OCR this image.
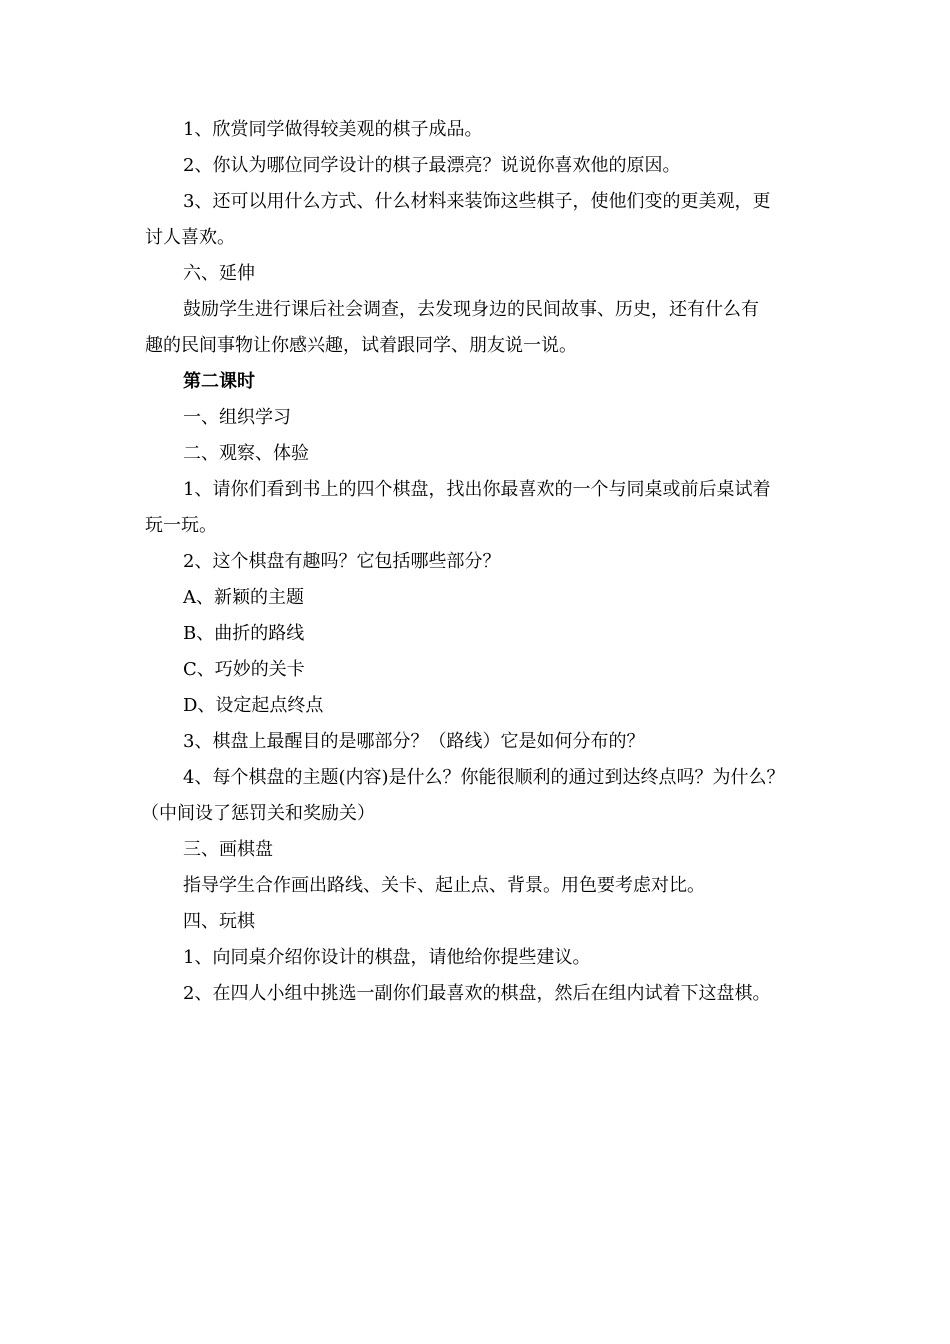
1、欣赏同学做得较美观的棋子成品。

2、你认为哪位同学设计的棋子最漂亮？说说你喜欢他的原因。

3、还可以用什么方式、什么材料来装饰这些棋子，使他们变的更美观，更

讨人喜欢。

六、延伸

鼓励学生进行课后社会调查，去发现身边的民间故事、历史，还有什么有

趣的民间事物让你感兴趣，试着跟同学、朋友说一说。

第二课时

一、组织学习

二、观察、体验

1、请你们看到书上的四个棋盘，找出你最喜欢的一个与同桌或前后桌试着

玩一玩。

2、这个棋盘有趣吗？它包括哪些部分？

A、新颖的主题

B、曲折的路线

C、巧妙的关卡

D、设定起点终点

3、棋盘上最醒目的是哪部分？（路线）它是如何分布的？

4、每个棋盘的主题(内容)是什么？你能很顺利的通过到达终点吗？为什么？

（中间设了惩罚关和奖励关）

三、画棋盘

指导学生合作画出路线、关卡、起止点、背景。用色要考虑对比。

四、玩棋

1、向同桌介绍你设计的棋盘，请他给你提些建议。

2、在四人小组中挑选一副你们最喜欢的棋盘，然后在组内试着下这盘棋。
